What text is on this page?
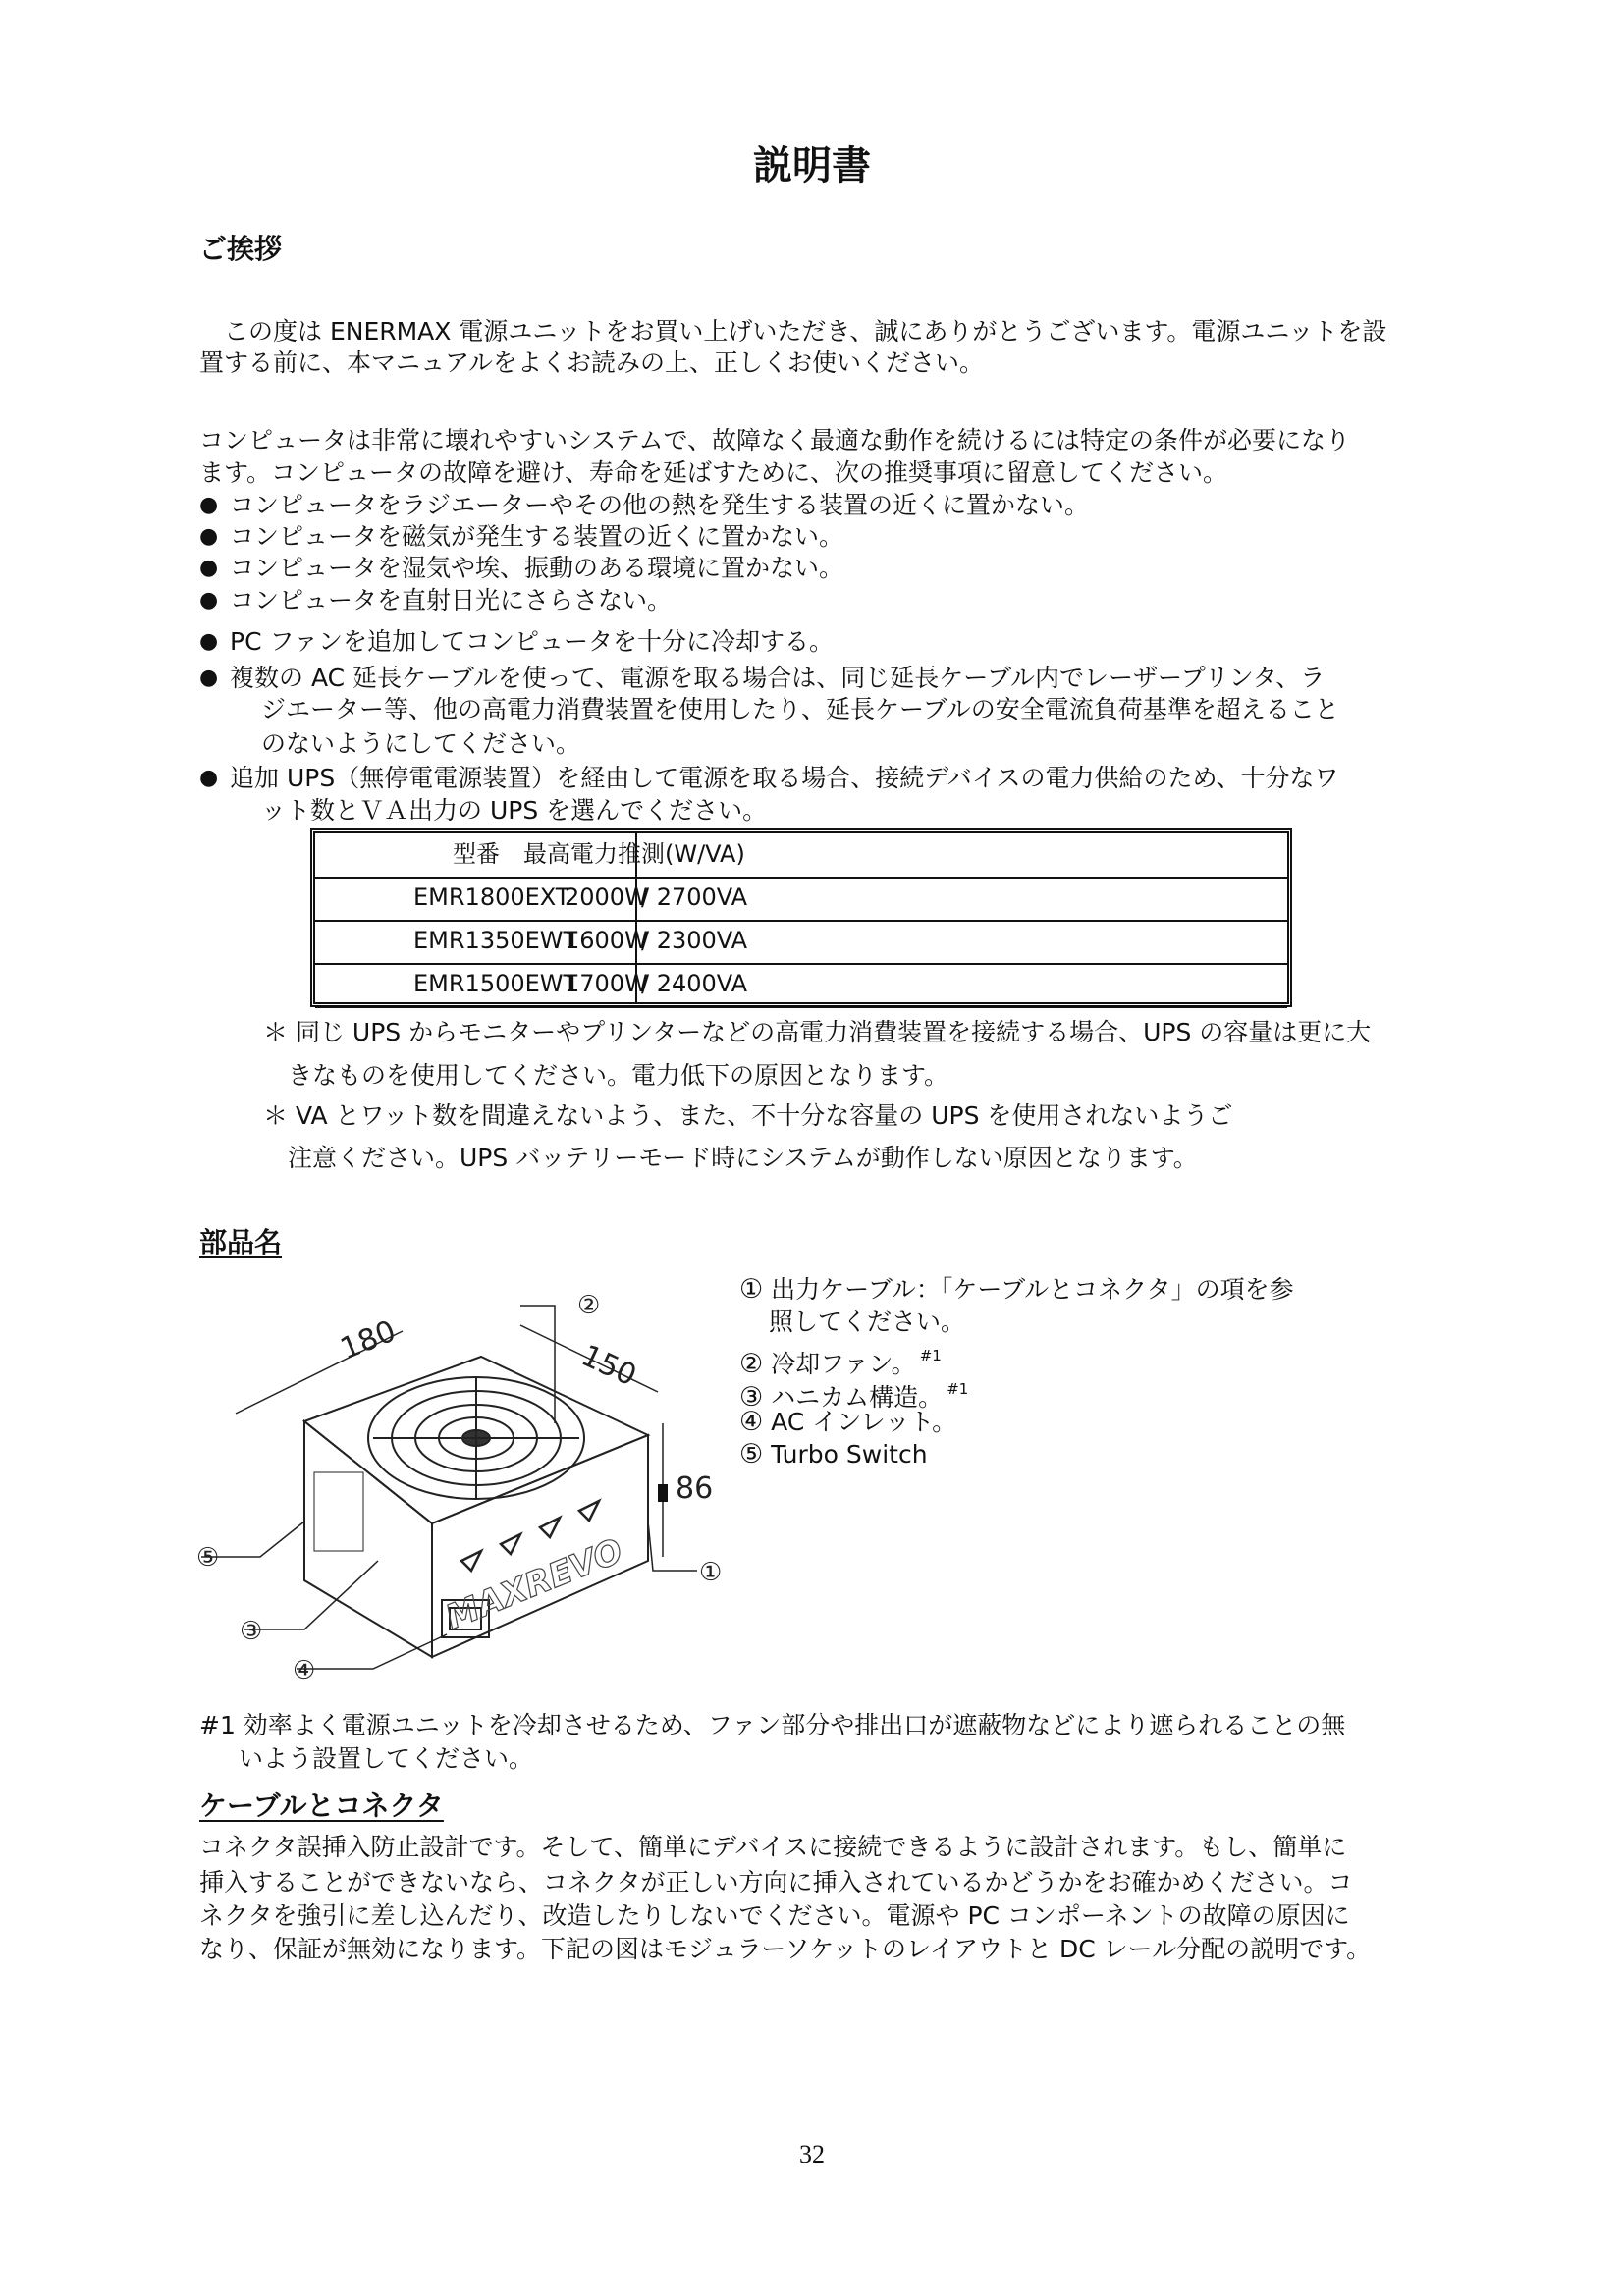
説明書
ご挨拶
この度は ENERMAX 電源ユニットをお買い上げいただき、誠にありがとうございます。電源ユニットを設
置する前に、本マニュアルをよくお読みの上、正しくお使いください。
コンピュータは非常に壊れやすいシステムで、故障なく最適な動作を続けるには特定の条件が必要になり
ます。コンピュータの故障を避け、寿命を延ばすために、次の推奨事項に留意してください。
● コンピュータをラジエーターやその他の熱を発生する装置の近くに置かない。
● コンピュータを磁気が発生する装置の近くに置かない。
● コンピュータを湿気や埃、振動のある環境に置かない。
● コンピュータを直射日光にさらさない。
● PC ファンを追加してコンピュータを十分に冷却する。
● 複数の AC 延長ケーブルを使って、電源を取る場合は、同じ延長ケーブル内でレーザープリンタ、ラ
ジエーター等、他の高電力消費装置を使用したり、延長ケーブルの安全電流負荷基準を超えること
のないようにしてください。
● 追加 UPS（無停電電源装置）を経由して電源を取る場合、接続デバイスの電力供給のため、十分なワ
ット数とＶＡ出力の UPS を選んでください。
型番　最高電力推測(W/VA)
EMR1800EXT
2000W
/ 2700VA
EMR1350EWT
1600W
/ 2300VA
EMR1500EWT
1700W
/ 2400VA
＊ 同じ UPS からモニターやプリンターなどの高電力消費装置を接続する場合、UPS の容量は更に大
きなものを使用してください。電力低下の原因となります。
＊ VA とワット数を間違えないよう、また、不十分な容量の UPS を使用されないようご
注意ください。UPS バッテリーモード時にシステムが動作しない原因となります。
部品名
① 出力ケーブル：「ケーブルとコネクタ」の項を参
照してください。
② 冷却ファン。 $^{\#1}$
③ ハニカム構造。 $^{\#1}$
④ AC インレット。
⑤ Turbo Switch
180	150
86
MAXREVO
②
①
⑤
③
④
#1 効率よく電源ユニットを冷却させるため、ファン部分や排出口が遮蔽物などにより遮られることの無
いよう設置してください。
ケーブルとコネクタ
コネクタ誤挿入防止設計です。そして、簡単にデバイスに接続できるように設計されます。もし、簡単に
挿入することができないなら、コネクタが正しい方向に挿入されているかどうかをお確かめください。コ
ネクタを強引に差し込んだり、改造したりしないでください。電源や PC コンポーネントの故障の原因に
なり、保証が無効になります。下記の図はモジュラーソケットのレイアウトと DC レール分配の説明です。
32
